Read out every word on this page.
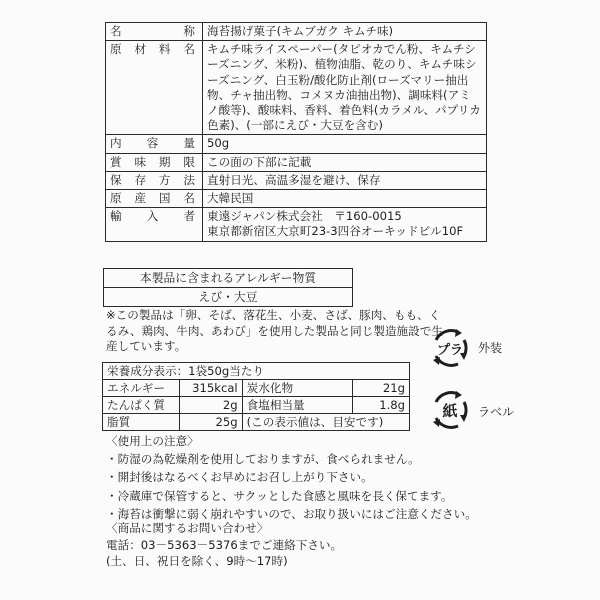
名称	海苔揚げ菓子(キムブガク キムチ味)
原材料名	キムチ味ライスペーパー(タピオカでん粉、キムチシーズニング、米粉)、植物油脂、乾のり、キムチ味シーズニング、白玉粉/酸化防止剤(ローズマリー抽出物、チャ抽出物、コメヌカ油抽出物)、調味料(アミノ酸等)、酸味料、香料、着色料(カラメル、パプリカ色素)、(一部にえび・大豆を含む)
内容量	50g
賞味期限	この面の下部に記載
保存方法	直射日光、高温多湿を避け、保存
原産国名	大韓民国
輸入者	東遠ジャパン株式会社　〒160-0015
東京都新宿区大京町23-3四谷オーキッドビル10F
本製品に含まれるアレルギー物質
えび・大豆
※この製品は「卵、そば、落花生、小麦、さば、豚肉、もも、くるみ、鶏肉、牛肉、あわび」を使用した製品と同じ製造施設で生産しています。
栄養成分表示：1袋50g当たり			
エネルギー	315kcal	炭水化物	21g
たんぱく質	2g	食塩相当量	1.8g
脂質	25g	(この表示値は、目安です)	
〈使用上の注意〉
・防湿の為乾燥剤を使用しておりますが、食べられません。
・開封後はなるべくお早めにお召し上がり下さい。
・冷蔵庫で保管すると、サクッとした食感と風味を長く保てます。
・海苔は衝撃に弱く崩れやすいので、お取り扱いにはご注意ください。
〈商品に関するお問い合わせ〉
電話：03－5363－5376までご連絡下さい。
(土、日、祝日を除く、9時～17時)
プラ 外装
紙 ラベル
